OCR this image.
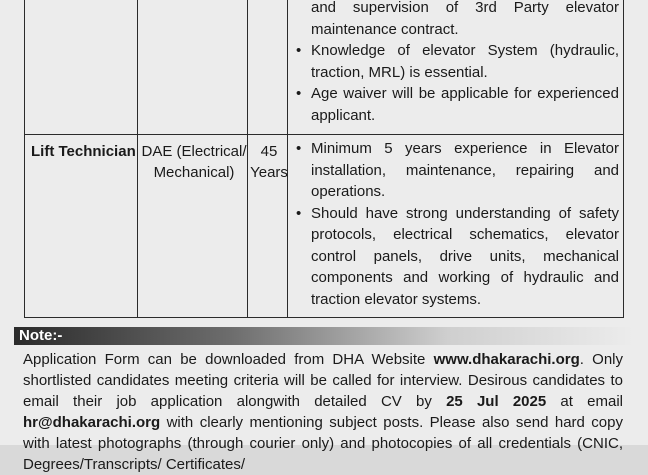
and supervision of 3rd Party elevator maintenance contract.
• Knowledge of elevator System (hydraulic, traction, MRL) is essential.
• Age waiver will be applicable for experienced applicant.
Lift Technician DAE (Electrical/
Mechanical)
45
Years
• Minimum 5 years experience in Elevator installation, maintenance, repairing and operations.
• Should have strong understanding of safety protocols, electrical schematics, elevator control panels, drive units, mechanical components and working of hydraulic and traction elevator systems.
Note:-
Application Form can be downloaded from DHA Website www.dhakarachi.org. Only shortlisted candidates meeting criteria will be called for interview. Desirous candidates to email their job application alongwith detailed CV by 25 Jul 2025 at email hr@dhakarachi.org with clearly mentioning subject posts. Please also send hard copy with latest photographs (through courier only) and photocopies of all credentials (CNIC, Degrees/Transcripts/ Certificates/
